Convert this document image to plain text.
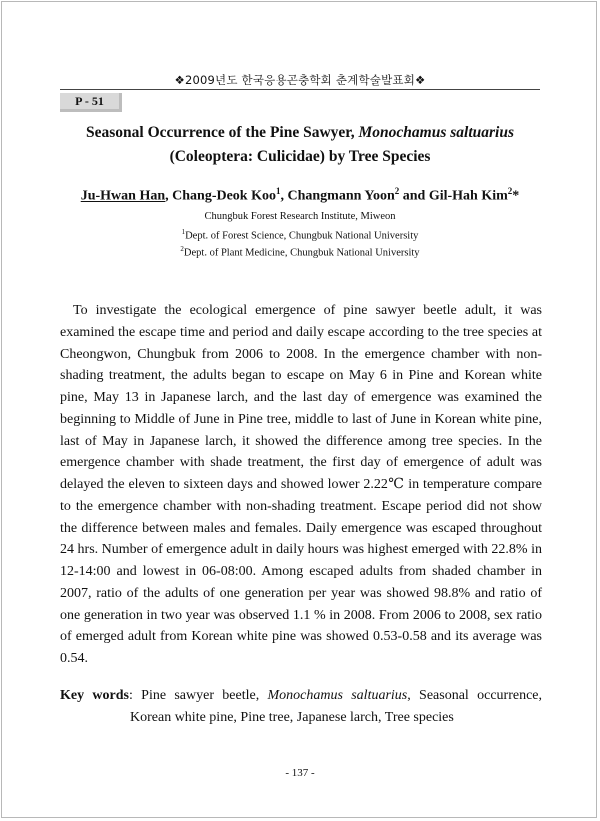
❖2009년도 한국응용곤충학회 춘계학술발표회❖
P - 51
Seasonal Occurrence of the Pine Sawyer, Monochamus saltuarius
(Coleoptera: Culicidae) by Tree Species
Ju-Hwan Han, Chang-Deok Koo$^1$, Changmann Yoon$^2$ and Gil-Hah Kim$^2$*
Chungbuk Forest Research Institute, Miweon
$^1$Dept. of Forest Science, Chungbuk National University
$^2$Dept. of Plant Medicine, Chungbuk National University

To investigate the ecological emergence of pine sawyer beetle adult, it was examined the escape time and period and daily escape according to the tree species at Cheongwon, Chungbuk from 2006 to 2008. In the emergence chamber with non-shading treatment, the adults began to escape on May 6 in Pine and Korean white pine, May 13 in Japanese larch, and the last day of emergence was examined the beginning to Middle of June in Pine tree, middle to last of June in Korean white pine, last of May in Japanese larch, it showed the difference among tree species. In the emergence chamber with shade treatment, the first day of emergence of adult was delayed the eleven to sixteen days and showed lower 2.22℃ in temperature compare to the emergence chamber with non-shading treatment. Escape period did not show the difference between males and females. Daily emergence was escaped throughout 24 hrs. Number of emergence adult in daily hours was highest emerged with 22.8% in 12-14:00 and lowest in 06-08:00. Among escaped adults from shaded chamber in 2007, ratio of the adults of one generation per year was showed 98.8% and ratio of one generation in two year was observed 1.1 % in 2008. From 2006 to 2008, sex ratio of emerged adult from Korean white pine was showed 0.53-0.58 and its average was 0.54.

Key words: Pine sawyer beetle, Monochamus saltuarius, Seasonal occurrence, Korean white pine, Pine tree, Japanese larch, Tree species
- 137 -
